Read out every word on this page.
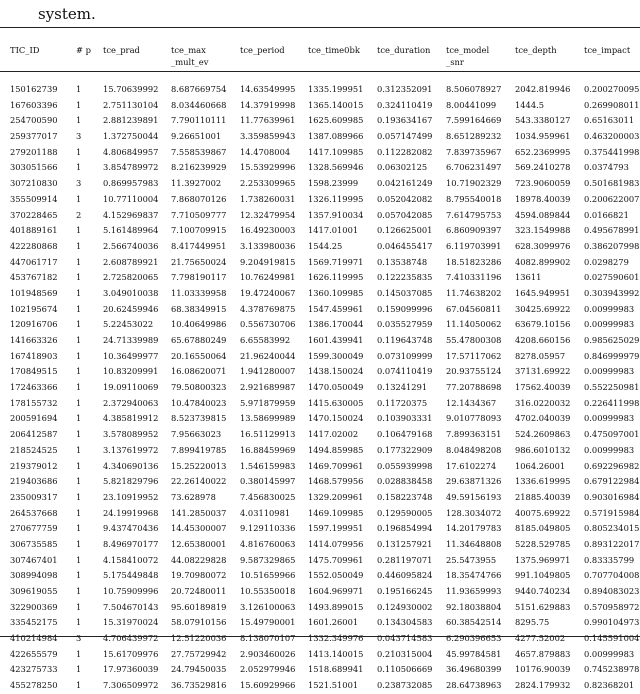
system.
TIC_ID	# p tce_prad	tce_max
_mult_ev
tce_period	tce_time0bk tce_duration tce_model
_snr
tce_depth	tce_impact
150162739 1	15.70639992 8.687669754 14.63549995 1335.199951 0.312352091 8.506078927 2042.819946 0.200270095
167603396 1	2.751130104 8.034460668 14.37919998 1365.140015 0.324110419 8.00441099 1444.5	0.269908011
254700590 1	2.881239891 7.790110111 11.77639961 1625.609985 0.193634167 7.599164669 543.3380127 0.65163011
259377017 3	1.372750044 9.26651001 3.359859943 1387.089966 0.057147499 8.651289232 1034.959961 0.463200003
279201188 1	4.806849957 7.558539867 14.4708004 1417.109985 0.112282082 7.839735967 652.2369995 0.375441998
303051566 1	3.854789972 8.216239929 15.53929996 1328.569946 0.06302125 6.706231497 569.2410278 0.0374793
307210830 3	0.869957983 11.3927002 2.253309965 1598.23999 0.042161249 10.71902329 723.9060059 0.501681983
355509914 1	10.77110004 7.868070126 1.738260031 1326.119995 0.052042082 8.795540018 18978.40039 0.200622007
370228465 2	4.152969837 7.710509777 12.32479954 1357.910034 0.057042085 7.614795753 4594.089844 0.0166821
401889161 1	5.161489964 7.100709915 16.49230003 1417.01001 0.126625001 6.860909397 323.1549988 0.495678991
422280868 1	2.566740036 8.417449951 3.133980036 1544.25	0.046455417 6.119703991 628.3099976 0.386207998
447061717 1	2.608789921 21.75650024 9.204919815 1569.719971 0.13538748 18.51823286 4082.899902 0.0298279
453767182 1	2.725820065 7.798190117 10.76249981 1626.119995 0.122235835 7.410331196 13611	0.027590601
101948569 1	3.049010038 11.03339958 19.47240067 1360.109985 0.145037085 11.74638202 1645.949951 0.303943992
102195674 1	20.62459946 68.38349915 4.378769875 1547.459961 0.159099996 67.04560811 30425.69922 0.00999983
120916706 1	5.22453022 10.40649986 0.556730706 1386.170044 0.035527959 11.14050062 63679.10156 0.00999983
141663326 1	24.71339989 65.67880249 6.65583992 1601.439941 0.119643748 55.47800308 4208.660156 0.985625029
167418903 1	10.36499977 20.16550064 21.96240044 1599.300049 0.073109999 17.57117062 8278.05957 0.846999979
170849515 1	10.83209991 16.08620071 1.941280007 1438.150024 0.074110419 20.93755124 37131.69922 0.00999983
172463366 1	19.09110069 79.50800323 2.921689987 1470.050049 0.13241291 77.20788698 17562.40039 0.552250981
178155732 1	2.372940063 10.47840023 5.971879959 1415.630005 0.11720375 12.1434367 316.0220032 0.226411998
200591694 1	4.385819912 8.523739815 13.58699989 1470.150024 0.103903331 9.010778093 4702.040039 0.00999983
206412587 1	3.578089952 7.95663023 16.51129913 1417.02002 0.106479168 7.899363151 524.2609863 0.475097001
218524525 1	3.137619972 7.899419785 16.88459969 1494.859985 0.177322909 8.048498208 986.6010132 0.00999983
219379012 1	4.340690136 15.25220013 1.546159983 1469.709961 0.055939998 17.6102274 1064.26001 0.692296982
219403686 1	5.821829796 22.26140022 0.380145997 1468.579956 0.028838458 29.63871326 1336.619995 0.679122984
235009317 1	23.10919952 73.628978	7.456830025 1329.209961 0.158223748 49.59156193 21885.40039 0.903016984
264537668 1	24.19919968 141.2850037 4.03110981 1469.109985 0.129590005 128.3034072 40075.69922 0.571915984
270677759 1	9.437470436 14.45300007 9.129110336 1597.199951 0.196854994 14.20179783 8185.049805 0.805234015
306735585 1	8.496970177 12.65380001 4.816760063 1414.079956 0.131257921 11.34648808 5228.529785 0.893122017
307467401 1	4.158410072 44.08229828 9.587329865 1475.709961 0.281197071 25.5473955 1375.969971 0.83335799
308994098 1	5.175449848 19.70980072 10.51659966 1552.050049 0.446095824 18.35474766 991.1049805 0.707704008
309619055 1	10.75909996 20.72480011 10.55350018 1604.969971 0.195166245 11.93659993 9440.740234 0.894083023
322900369 1	7.504670143 95.60189819 3.126100063 1493.899015 0.124930002 92.18038804 5151.629883 0.570958972
335452175 1	15.31970024 58.07910156 15.49790001 1601.26001 0.134304583 60.38542514 8295.75	0.990104973
410214984 3	4.706439972 12.51220036 8.138070107 1332.349976 0.043714583 6.290396653 4277.52002 0.145591004
422655579 1	15.61709976 27.75729942 2.903460026 1413.140015 0.210315004 45.99784581 4657.879883 0.00999983
423275733 1	17.97360039 24.79450035 2.052979946 1518.689941 0.110506669 36.49680399 10176.90039 0.745238978
455278250 1	7.306509972 36.73529816 15.60929966 1521.51001 0.238732085 28.64738963 2824.179932 0.82368201
